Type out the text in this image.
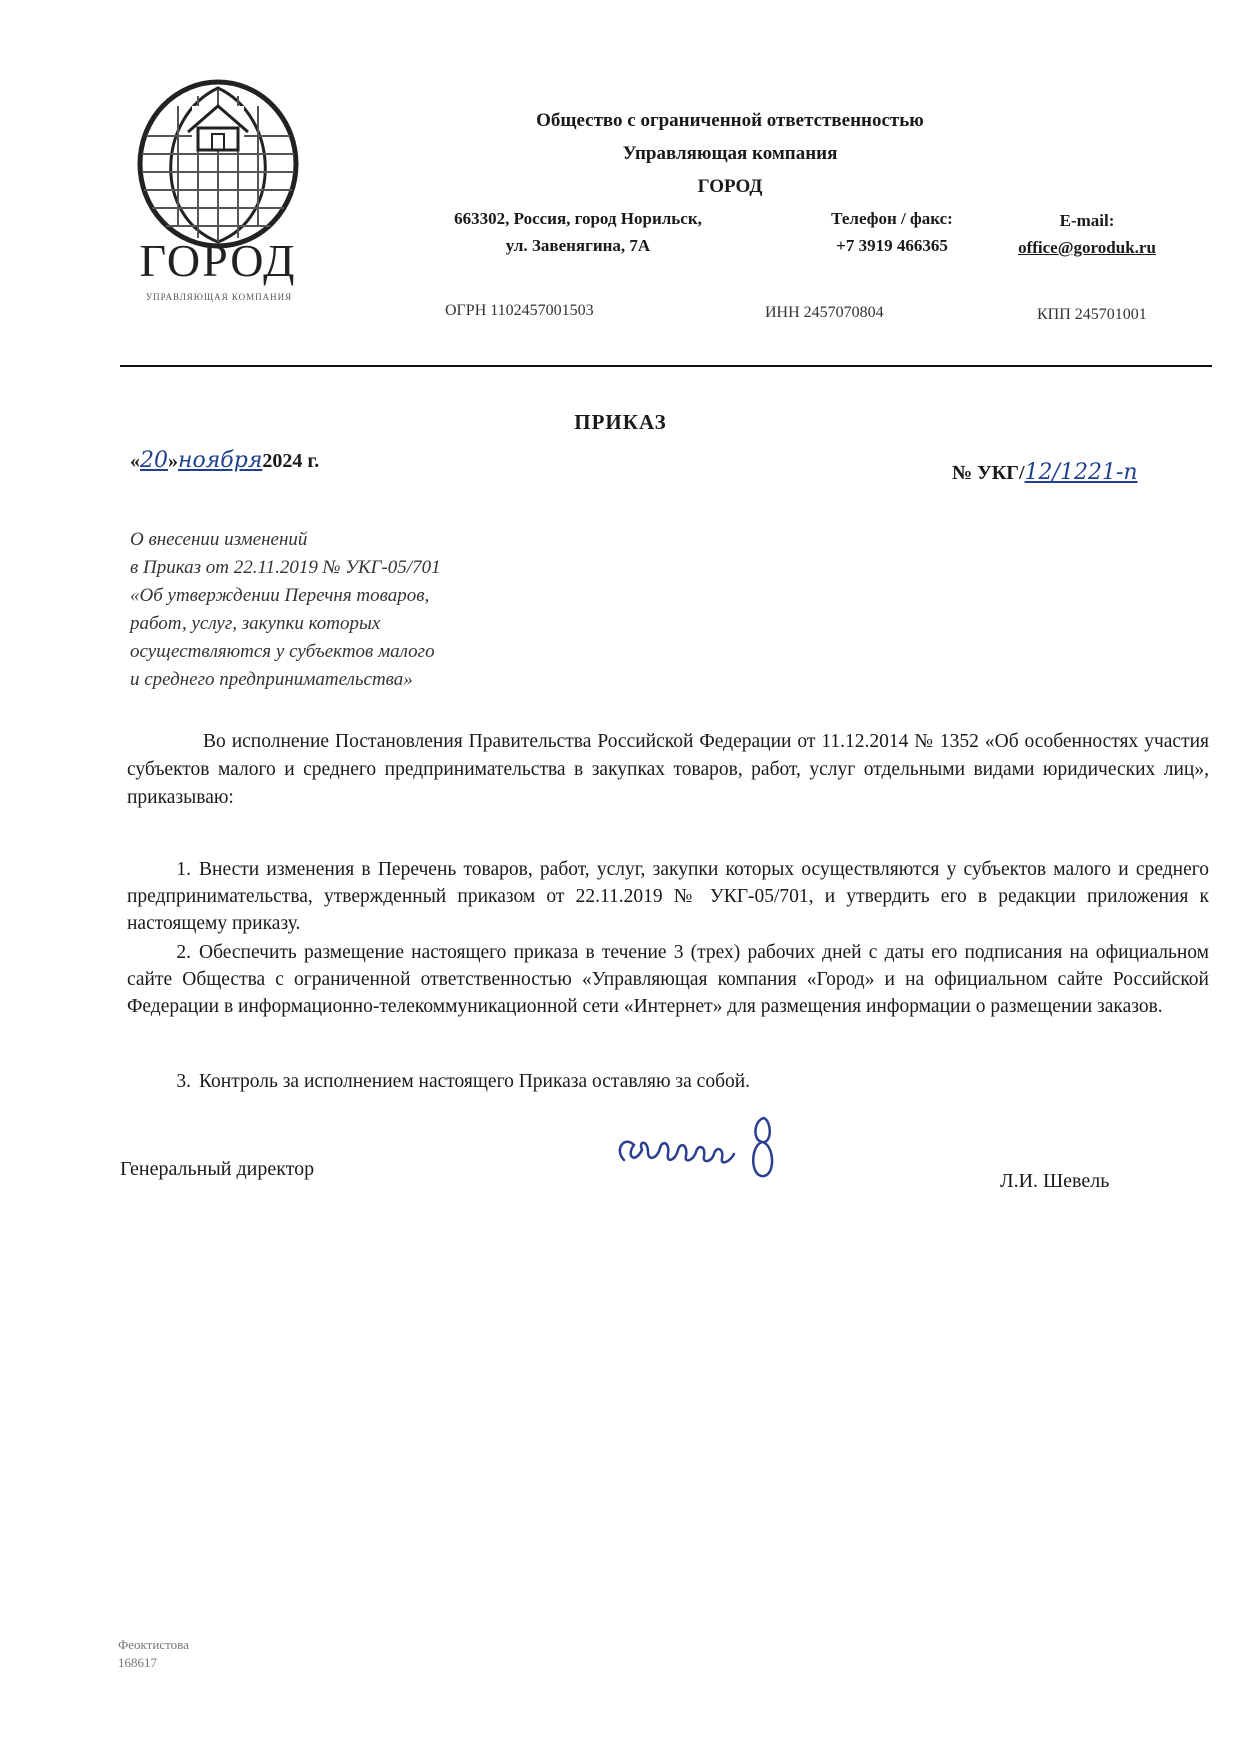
ГОРОД
УПРАВЛЯЮЩАЯ КОМПАНИЯ
Общество с ограниченной ответственностью
Управляющая компания
ГОРОД
663302, Россия, город Норильск,
ул. Завенягина, 7А
Телефон / факс:
+7 3919 466365
E-mail:
office@goroduk.ru
ОГРН 1102457001503	ИНН 2457070804	КПП 245701001
ПРИКАЗ
«20»ноября2024 г.
№ УКГ/12/1221-п
О внесении изменений
в Приказ от 22.11.2019 № УКГ-05/701
«Об утверждении Перечня товаров,
работ, услуг, закупки которых
осуществляются у субъектов малого
и среднего предпринимательства»
Во исполнение Постановления Правительства Российской Федерации от 11.12.2014 № 1352 «Об особенностях участия субъектов малого и среднего предпринимательства в закупках товаров, работ, услуг отдельными видами юридических лиц», приказываю:
1. Внести изменения в Перечень товаров, работ, услуг, закупки которых осуществляются у субъектов малого и среднего предпринимательства, утвержденный приказом от 22.11.2019 № УКГ-05/701, и утвердить его в редакции приложения к настоящему приказу.
2. Обеспечить размещение настоящего приказа в течение 3 (трех) рабочих дней с даты его подписания на официальном сайте Общества с ограниченной ответственностью «Управляющая компания «Город» и на официальном сайте Российской Федерации в информационно-телекоммуникационной сети «Интернет» для размещения информации о размещении заказов.
3. Контроль за исполнением настоящего Приказа оставляю за собой.
Генеральный директор
Л.И. Шевель
Феоктистова
168617
